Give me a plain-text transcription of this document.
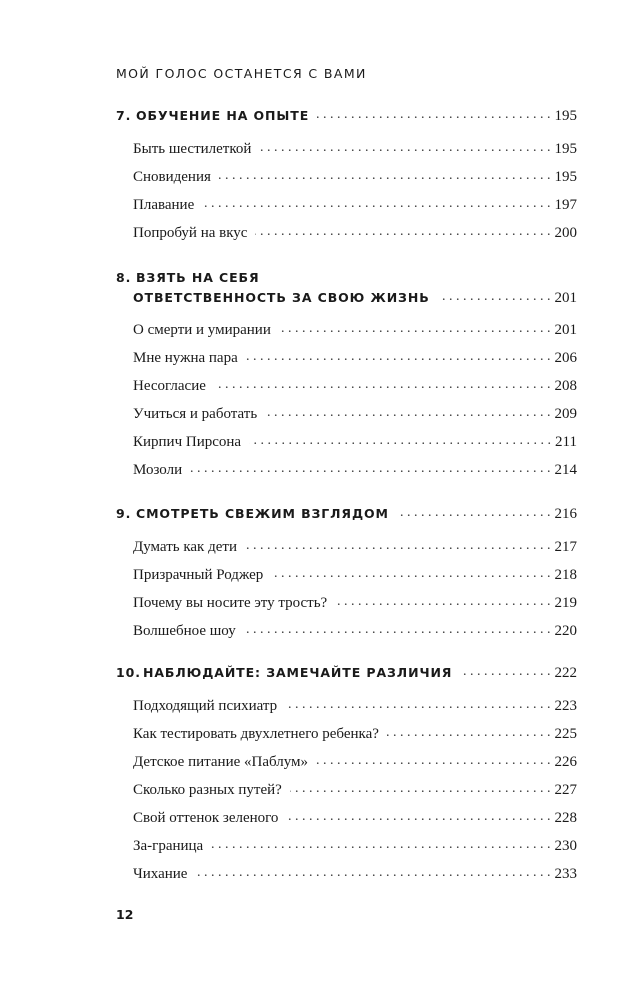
МОЙ ГОЛОС ОСТАНЕТСЯ С ВАМИ
7. ОБУЧЕНИЕ НА ОПЫТЕ . . .	195
Быть шестилеткой . . .	195
Сновидения . . .	195
Плавание . . .	197
Попробуй на вкус . . .	200
8. ВЗЯТЬ НА СЕБЯ
ОТВЕТСТВЕННОСТЬ ЗА СВОЮ ЖИЗНЬ . . .	201
О смерти и умирании . . .	201
Мне нужна пара . . .	206
Несогласие . . .	208
Учиться и работать . . .	209
Кирпич Пирсона . . .	211
Мозоли . . .	214
9. СМОТРЕТЬ СВЕЖИМ ВЗГЛЯДОМ . . .	216
Думать как дети . . .	217
Призрачный Роджер . . .	218
Почему вы носите эту трость? . . .	219
Волшебное шоу . . .	220
10. НАБЛЮДАЙТЕ: ЗАМЕЧАЙТЕ РАЗЛИЧИЯ . . .	222
Подходящий психиатр . . .	223
Как тестировать двухлетнего ребенка? . . .	225
Детское питание «Паблум» . . .	226
Сколько разных путей? . . .	227
Свой оттенок зеленого . . .	228
За-граница . . .	230
Чихание . . .	233
12
